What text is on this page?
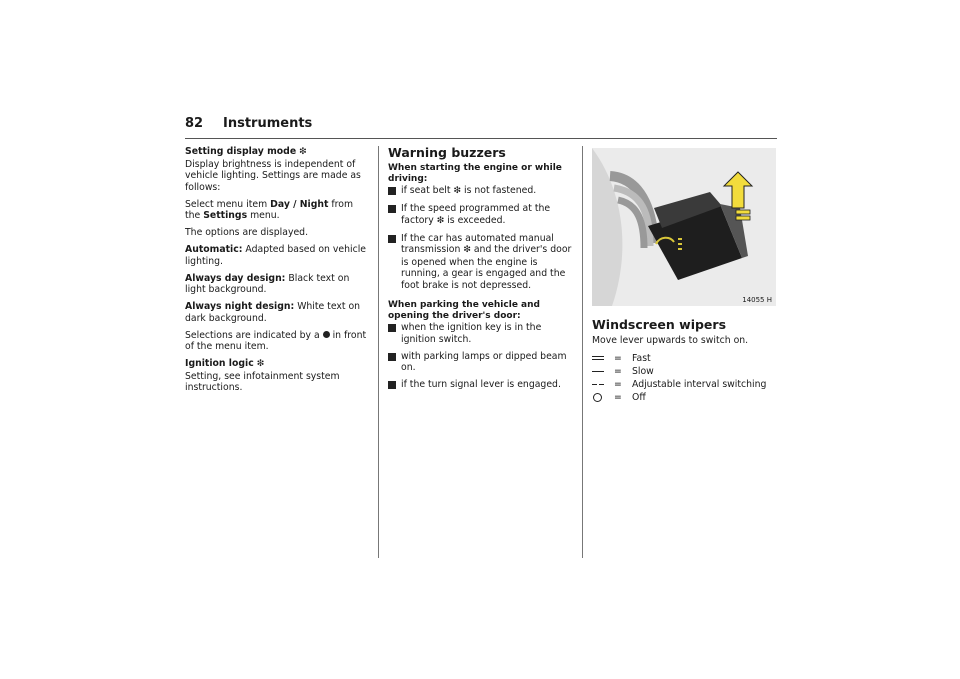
82 Instruments

Setting display mode ❇

Display brightness is independent of vehicle lighting. Settings are made as follows:

Select menu item Day / Night from the Settings menu.

The options are displayed.

Automatic: Adapted based on vehicle lighting.

Always day design: Black text on light background.

Always night design: White text on dark background.

Selections are indicated by a  in front of the menu item.

Ignition logic ❇

Setting, see infotainment system instructions.

Warning buzzers
When starting the engine or while driving:
if seat belt ❇ is not fastened.
If the speed programmed at the factory ❇ is exceeded.
If the car has automated manual transmission ❇ and the driver's door is opened when the engine is running, a gear is engaged and the foot brake is not depressed.
When parking the vehicle and opening the driver's door:
when the ignition key is in the ignition switch.
with parking lamps or dipped beam on.
if the turn signal lever is engaged.
14055 H
Windscreen wipers

Move lever upwards to switch on.

=	Fast
=	Slow
=	Adjustable interval switching
=	Off
